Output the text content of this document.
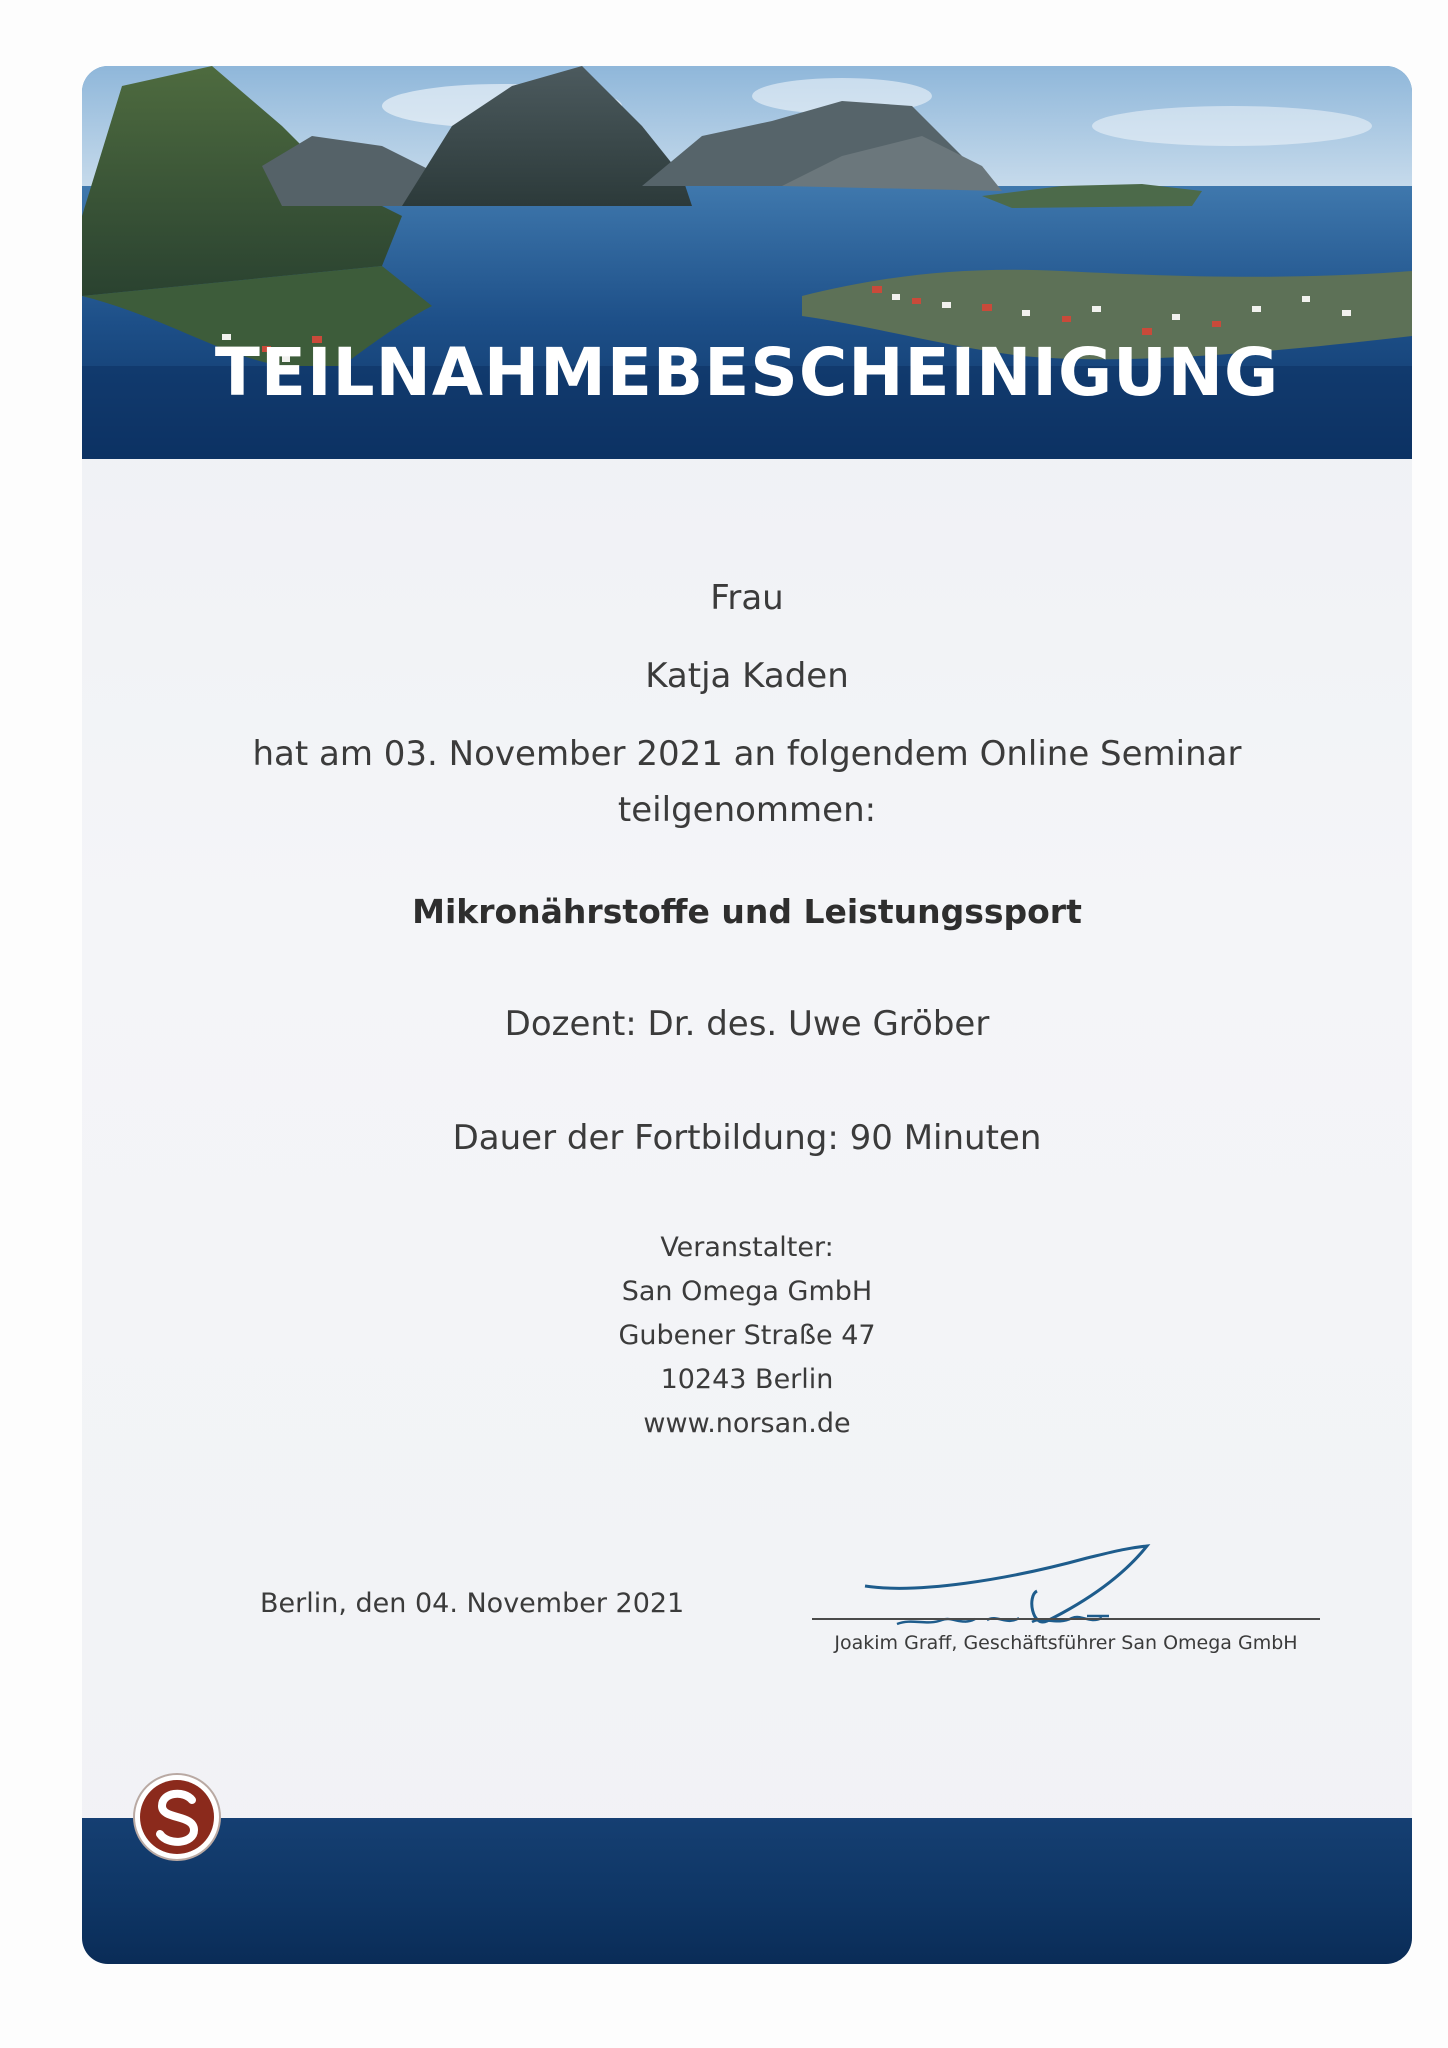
TEILNAHMEBESCHEINIGUNG
Frau
Katja Kaden
hat am 03. November 2021 an folgendem Online Seminar
teilgenommen:
Mikronährstoffe und Leistungssport
Dozent: Dr. des. Uwe Gröber
Dauer der Fortbildung: 90 Minuten
Veranstalter:
San Omega GmbH
Gubener Straße 47
10243 Berlin
www.norsan.de
Berlin, den 04. November 2021
Joakim Graff, Geschäftsführer San Omega GmbH
